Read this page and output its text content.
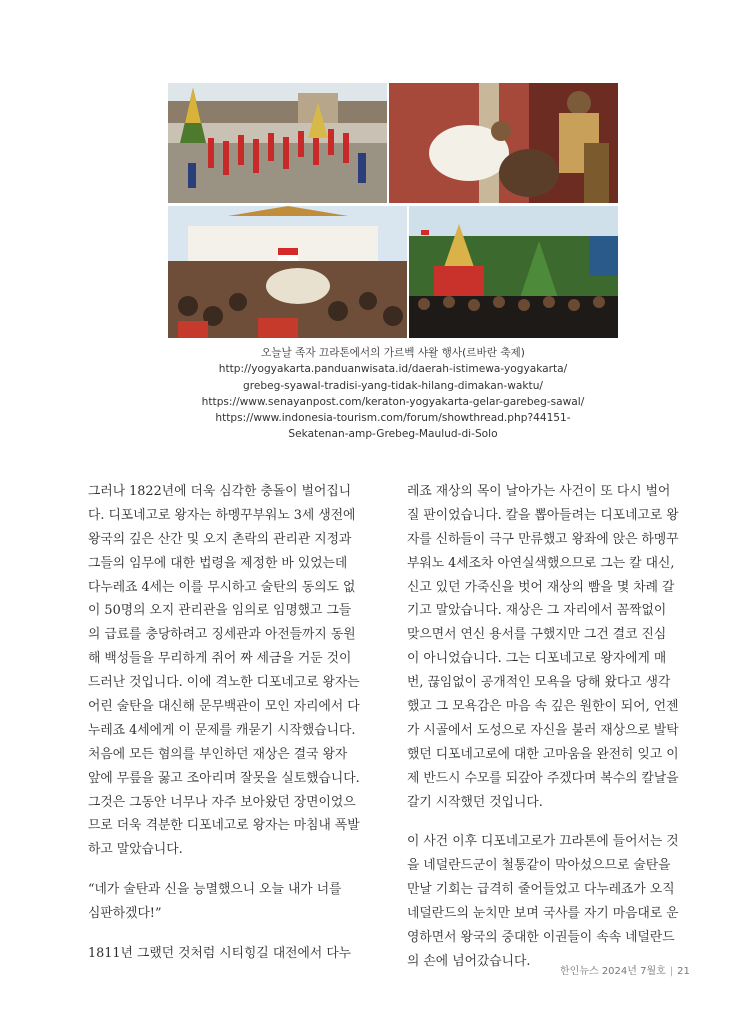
오늘날 족자 끄라톤에서의 가르벡 샤왈 행사(르바란 축제)
http://yogyakarta.panduanwisata.id/daerah-istimewa-yogyakarta/
grebeg-syawal-tradisi-yang-tidak-hilang-dimakan-waktu/
https://www.senayanpost.com/keraton-yogyakarta-gelar-garebeg-sawal/
https://www.indonesia-tourism.com/forum/showthread.php?44151-
Sekatenan-amp-Grebeg-Maulud-di-Solo
그러나 1822년에 더욱 심각한 충돌이 벌어집니
다. 디포네고로 왕자는 하멩꾸부워노 3세 생전에
왕국의 깊은 산간 및 오지 촌락의 관리관 지정과
그들의 임무에 대한 법령을 제정한 바 있었는데
다누레죠 4세는 이를 무시하고 술탄의 동의도 없
이 50명의 오지 관리관을 임의로 임명했고 그들
의 급료를 충당하려고 징세관과 아전들까지 동원
해 백성들을 무리하게 쥐어 짜 세금을 거둔 것이
드러난 것입니다. 이에 격노한 디포네고로 왕자는
어린 술탄을 대신해 문무백관이 모인 자리에서 다
누레죠 4세에게 이 문제를 캐묻기 시작했습니다.
처음에 모든 혐의를 부인하던 재상은 결국 왕자
앞에 무릎을 꿇고 조아리며 잘못을 실토했습니다.
그것은 그동안 너무나 자주 보아왔던 장면이었으
므로 더욱 격분한 디포네고로 왕자는 마침내 폭발
하고 말았습니다.
“네가 술탄과 신을 능멸했으니 오늘 내가 너를
심판하겠다!”
1811년 그랬던 것처럼 시티힝길 대전에서 다누
레죠 재상의 목이 날아가는 사건이 또 다시 벌어
질 판이었습니다. 칼을 뽑아들려는 디포네고로 왕
자를 신하들이 극구 만류했고 왕좌에 앉은 하멩꾸
부워노 4세조차 아연실색했으므로 그는 칼 대신,
신고 있던 가죽신을 벗어 재상의 빰을 몇 차례 갈
기고 말았습니다. 재상은 그 자리에서 꼼짝없이
맞으면서 연신 용서를 구했지만 그건 결코 진심
이 아니었습니다. 그는 디포네고로 왕자에게 매
번, 끊임없이 공개적인 모욕을 당해 왔다고 생각
했고 그 모욕감은 마음 속 깊은 원한이 되어, 언젠
가 시골에서 도성으로 자신을 불러 재상으로 발탁
했던 디포네고로에 대한 고마움을 완전히 잊고 이
제 반드시 수모를 되갚아 주겠다며 복수의 칼날을
갈기 시작했던 것입니다.
이 사건 이후 디포네고로가 끄라톤에 들어서는 것
을 네덜란드군이 철통같이 막아섰으므로 술탄을
만날 기회는 급격히 줄어들었고 다누레죠가 오직
네덜란드의 눈치만 보며 국사를 자기 마음대로 운
영하면서 왕국의 중대한 이권들이 속속 네덜란드
의 손에 넘어갔습니다.
한인뉴스 2024년 7월호 | 21
